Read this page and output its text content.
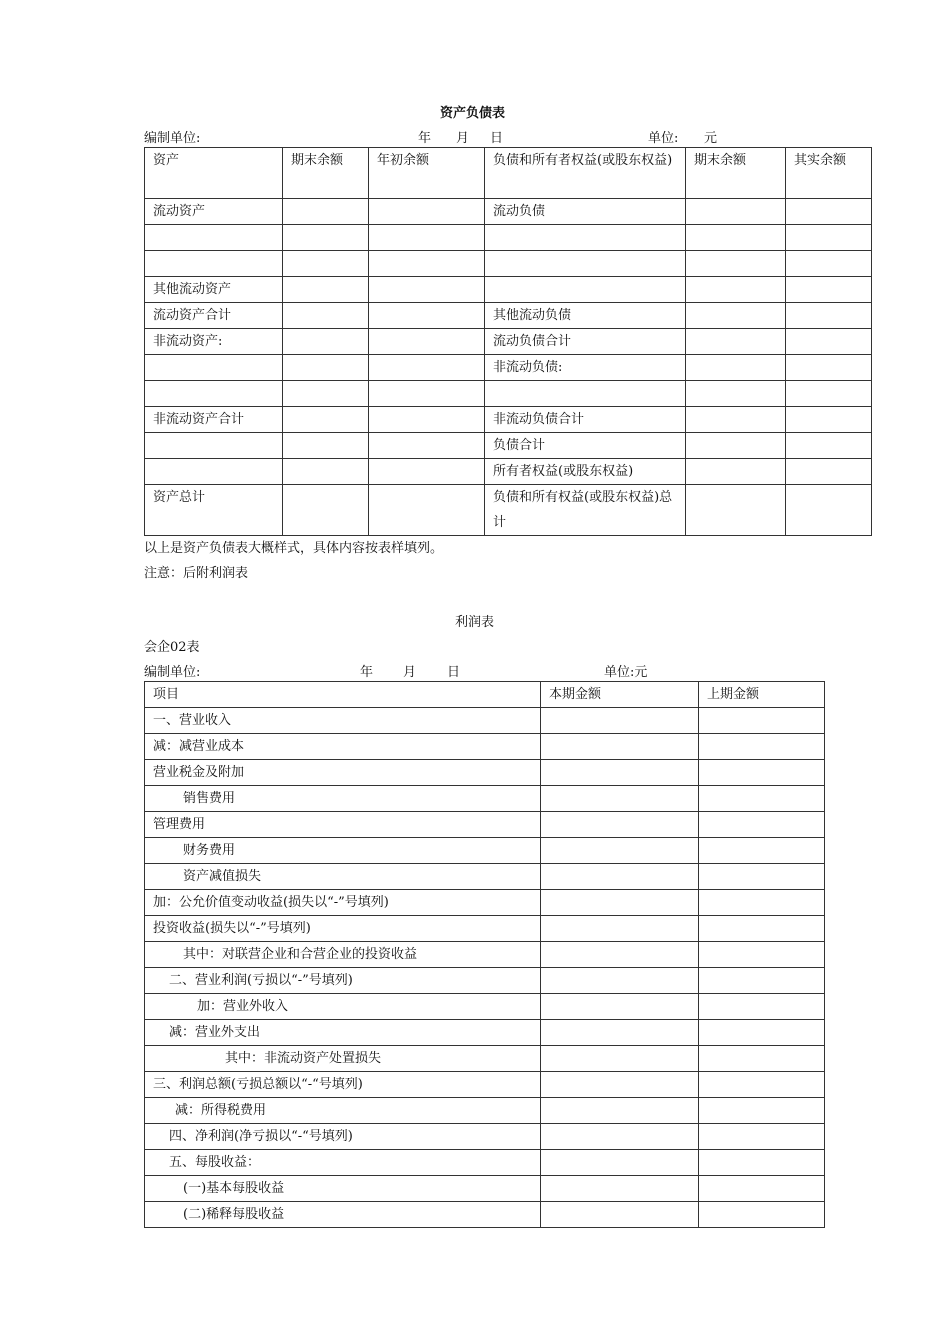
资产负债表
编制单位:	年 月 日	单位: 元
资产	期末余额	年初余额	负债和所有者权益(或股东权益)	期末余额	其实余额
流动资产			流动负债		

其他流动资产					
流动资产合计			其他流动负债		
非流动资产:			流动负债合计		
			非流动负债:		

非流动资产合计			非流动负债合计		
			负债合计		
			所有者权益(或股东权益)		
资产总计			负债和所有权益(或股东权益)总计		
以上是资产负债表大概样式，具体内容按表样填列。
注意：后附利润表
利润表
会企02表
编制单位:	年 月 日	单位:元
项目	本期金额	上期金额
一、营业收入		
减：减营业成本		
营业税金及附加		
销售费用		
管理费用		
财务费用		
资产减值损失		
加：公允价值变动收益(损失以“-”号填列)		
投资收益(损失以“-”号填列)		
其中：对联营企业和合营企业的投资收益		
二、营业利润(亏损以“-”号填列)		
加：营业外收入		
减：营业外支出		
其中：非流动资产处置损失		
三、利润总额(亏损总额以“-“号填列)		
减：所得税费用		
四、净利润(净亏损以“-“号填列)		
五、每股收益：		
(一)基本每股收益		
(二)稀释每股收益		
